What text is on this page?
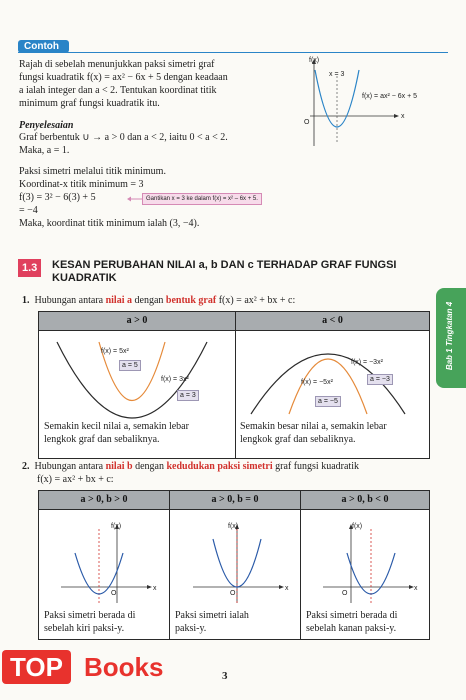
Contoh
Rajah di sebelah menunjukkan paksi simetri graf
fungsi kuadratik f(x) = ax² − 6x + 5 dengan keadaan
a ialah integer dan a < 2. Tentukan koordinat titik
minimum graf fungsi kuadratik itu.
Penyelesaian
Graf berbentuk ∪ → a > 0 dan a < 2, iaitu 0 < a < 2.
Maka, a = 1.
Paksi simetri melalui titik minimum.
Koordinat-x titik minimum = 3
f(3) = 3² − 6(3) + 5
= −4
Maka, koordinat titik minimum ialah (3, −4).
Gantikan x = 3 ke dalam f(x) = x² – 6x + 5.
f(x)
x
O
x = 3
f(x) = ax² − 6x + 5
1.3	KESAN PERUBAHAN NILAI a, b DAN c TERHADAP GRAF FUNGSI
KUADRATIK
1. Hubungan antara nilai a dengan bentuk graf f(x) = ax² + bx + c:
a > 0	a < 0
f(x) = 5x²
a = 5
f(x) = 3x²
a = 3
f(x) = −3x²
a = −3
f(x) = −5x²
a = −5
Semakin kecil nilai a, semakin lebar
lengkok graf dan sebaliknya.
Semakin besar nilai a, semakin lebar
lengkok graf dan sebaliknya.
2. Hubungan antara nilai b dengan kedudukan paksi simetri graf fungsi kuadratik
f(x) = ax² + bx + c:
a > 0, b > 0	a > 0, b = 0	a > 0, b < 0
f(x)
x
O
f(x)
x
O
f(x)
x
O
Paksi simetri berada di
sebelah kiri paksi-y.
Paksi simetri ialah
paksi-y.
Paksi simetri berada di
sebelah kanan paksi-y.
Bab 1 Tingkatan 4
3
TOP Books
